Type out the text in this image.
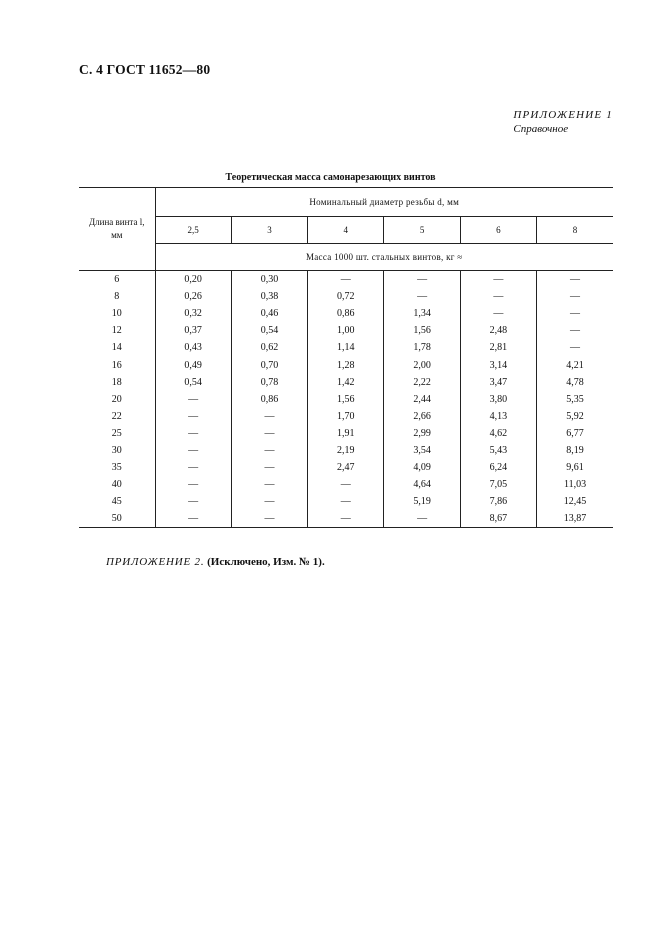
С. 4 ГОСТ 11652—80
ПРИЛОЖЕНИЕ 1
Справочное
Теоретическая масса самонарезающих винтов
Длина винта l,
мм	Номинальный диаметр резьбы d, мм					
	2,5	3	4	5	6	8
	Масса 1000 шт. стальных винтов, кг ≈					
6	0,20	0,30	—	—	—	—
8	0,26	0,38	0,72	—	—	—
10	0,32	0,46	0,86	1,34	—	—
12	0,37	0,54	1,00	1,56	2,48	—
14	0,43	0,62	1,14	1,78	2,81	—
16	0,49	0,70	1,28	2,00	3,14	4,21
18	0,54	0,78	1,42	2,22	3,47	4,78
20	—	0,86	1,56	2,44	3,80	5,35
22	—	—	1,70	2,66	4,13	5,92
25	—	—	1,91	2,99	4,62	6,77
30	—	—	2,19	3,54	5,43	8,19
35	—	—	2,47	4,09	6,24	9,61
40	—	—	—	4,64	7,05	11,03
45	—	—	—	5,19	7,86	12,45
50	—	—	—	—	8,67	13,87
ПРИЛОЖЕНИЕ 2. (Исключено, Изм. № 1).
